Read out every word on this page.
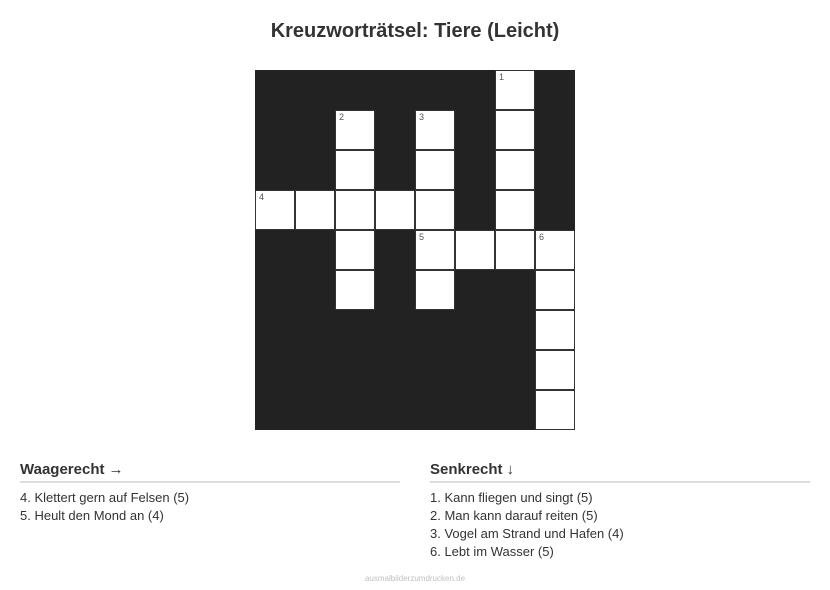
Kreuzworträtsel: Tiere (Leicht)
1
2	3
4
5	6
Waagerecht →
4. Klettert gern auf Felsen (5)
5. Heult den Mond an (4)
Senkrecht ↓
1. Kann fliegen und singt (5)
2. Man kann darauf reiten (5)
3. Vogel am Strand und Hafen (4)
6. Lebt im Wasser (5)
ausmalbilderzumdrucken.de
